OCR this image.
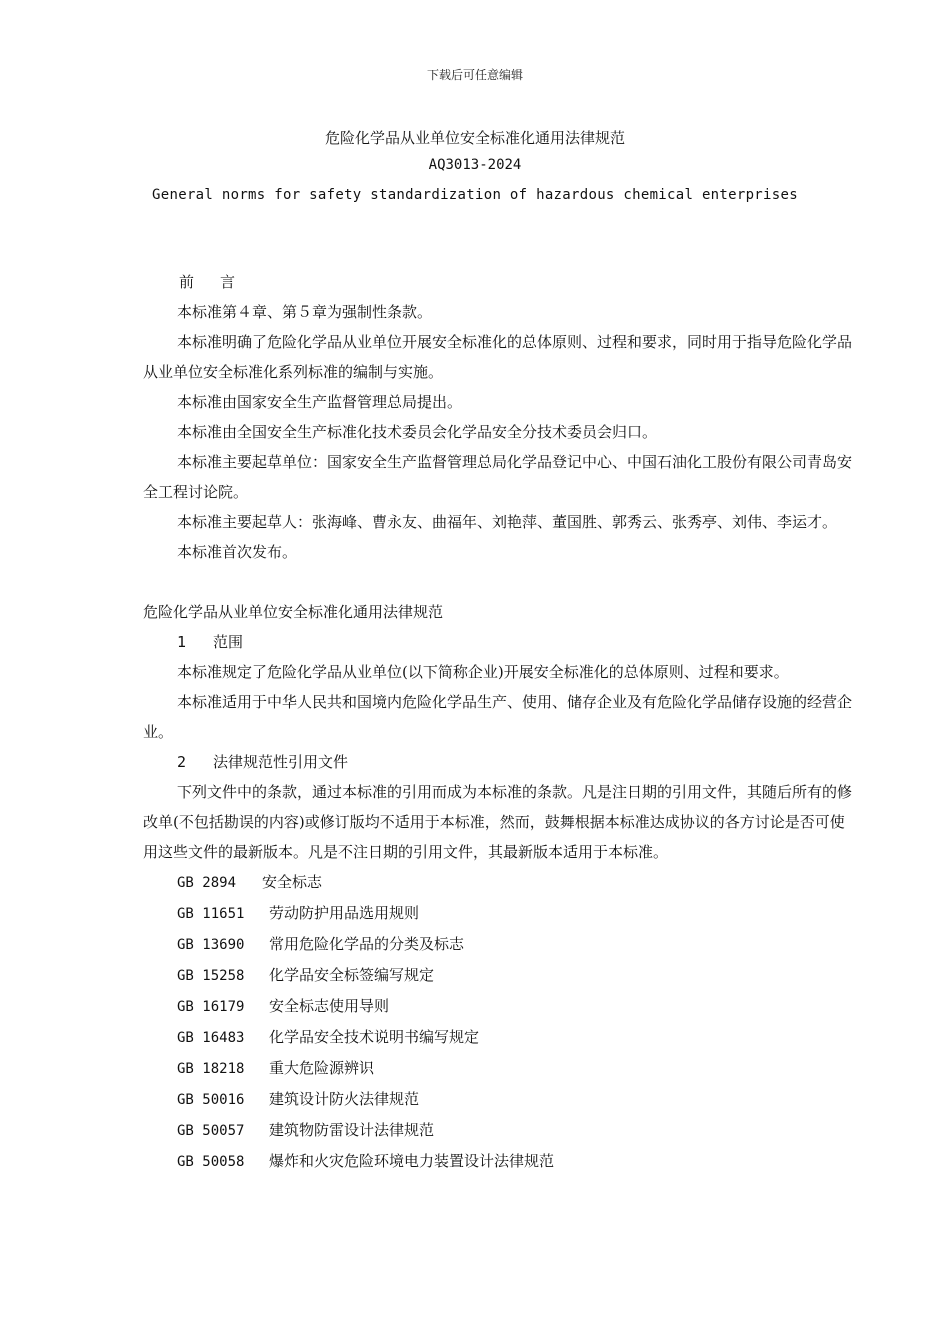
下载后可任意编辑
危险化学品从业单位安全标准化通用法律规范
AQ3013-2024
General norms for safety standardization of hazardous chemical enterprises

前 言

本标准第４章、第５章为强制性条款。

本标准明确了危险化学品从业单位开展安全标准化的总体原则、过程和要求，同时用于指导危险化学品从业单位安全标准化系列标准的编制与实施。

本标准由国家安全生产监督管理总局提出。

本标准由全国安全生产标准化技术委员会化学品安全分技术委员会归口。

本标准主要起草单位：国家安全生产监督管理总局化学品登记中心、中国石油化工股份有限公司青岛安全工程讨论院。

本标准主要起草人：张海峰、曹永友、曲福年、刘艳萍、董国胜、郭秀云、张秀亭、刘伟、李运才。

本标准首次发布。

危险化学品从业单位安全标准化通用法律规范

1 范围

本标准规定了危险化学品从业单位(以下简称企业)开展安全标准化的总体原则、过程和要求。

本标准适用于中华人民共和国境内危险化学品生产、使用、储存企业及有危险化学品储存设施的经营企业。

2 法律规范性引用文件

下列文件中的条款，通过本标准的引用而成为本标准的条款。凡是注日期的引用文件，其随后所有的修改单(不包括勘误的内容)或修订版均不适用于本标准，然而，鼓舞根据本标准达成协议的各方讨论是否可使用这些文件的最新版本。凡是不注日期的引用文件，其最新版本适用于本标准。

GB 2894 安全标志

GB 11651 劳动防护用品选用规则

GB 13690 常用危险化学品的分类及标志

GB 15258 化学品安全标签编写规定

GB 16179 安全标志使用导则

GB 16483 化学品安全技术说明书编写规定

GB 18218 重大危险源辨识

GB 50016 建筑设计防火法律规范

GB 50057 建筑物防雷设计法律规范

GB 50058 爆炸和火灾危险环境电力装置设计法律规范
